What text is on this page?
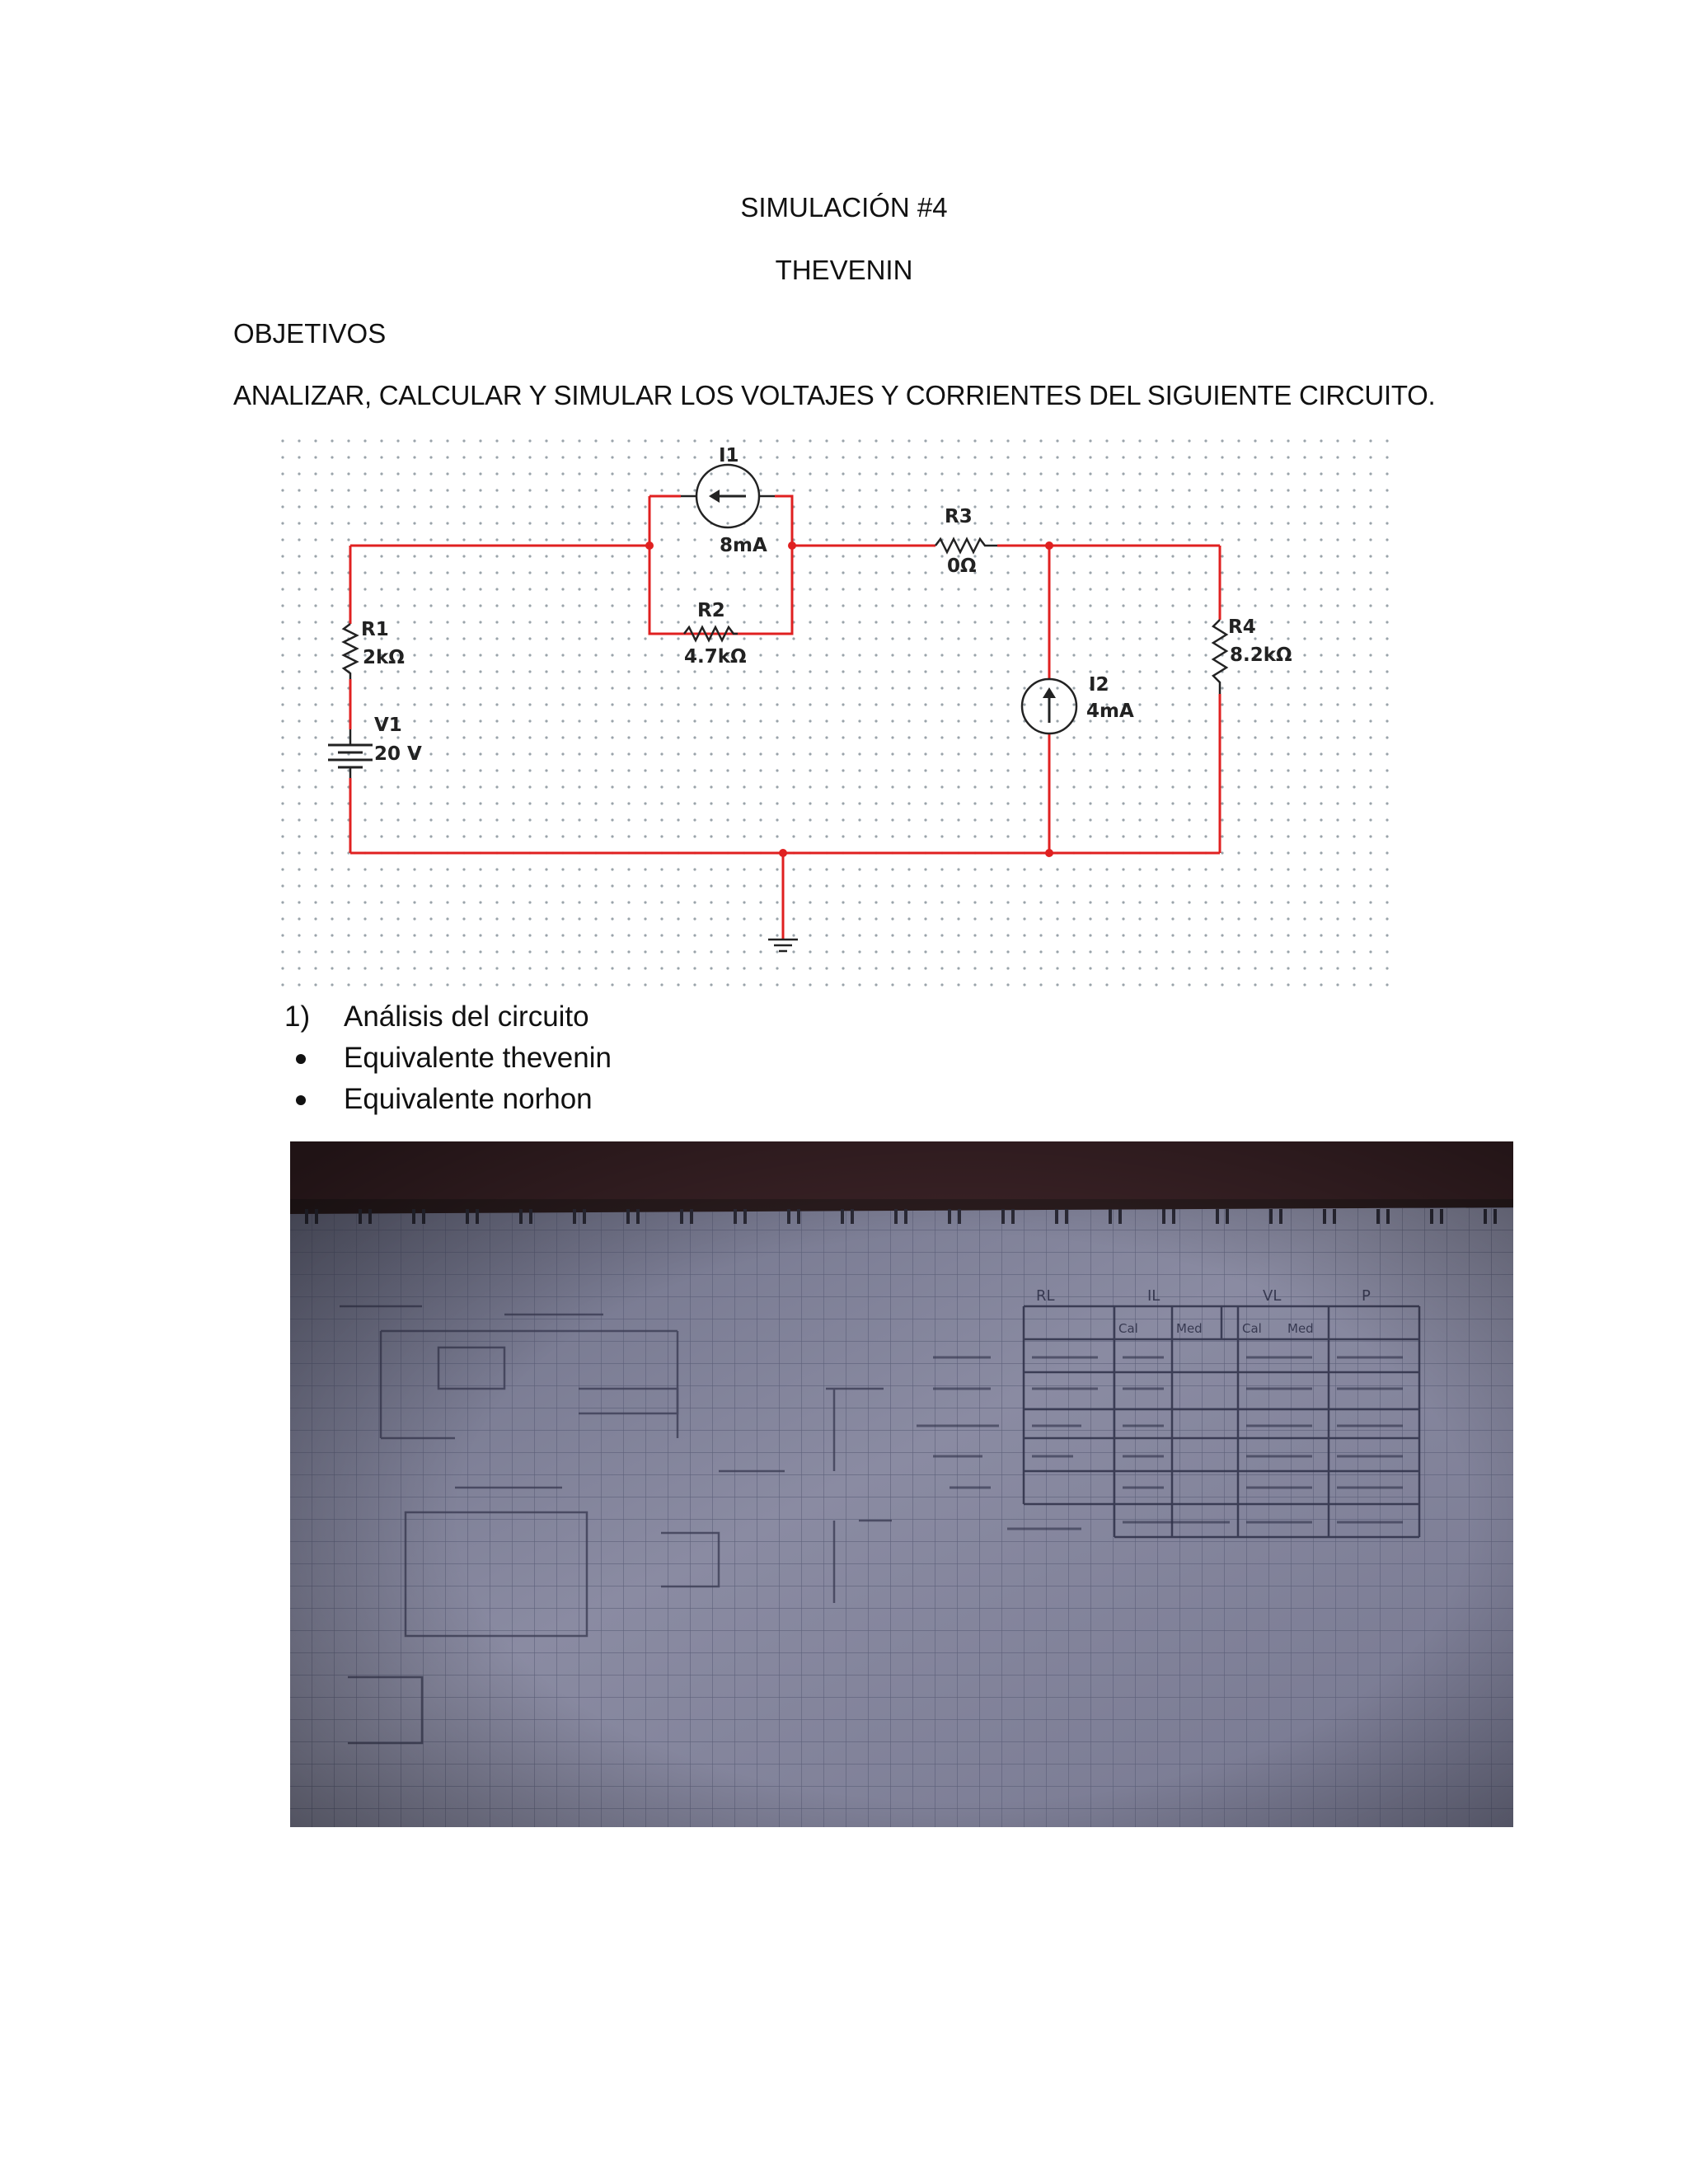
SIMULACIÓN #4
THEVENIN
OBJETIVOS
ANALIZAR, CALCULAR Y SIMULAR LOS VOLTAJES Y CORRIENTES DEL SIGUIENTE CIRCUITO.
I1
8mA
R3
0Ω
R2
4.7kΩ
R1
2kΩ
R4
8.2kΩ
V1
20 V
I2
4mA
1)	Análisis del circuito
Equivalente thevenin
Equivalente norhon
